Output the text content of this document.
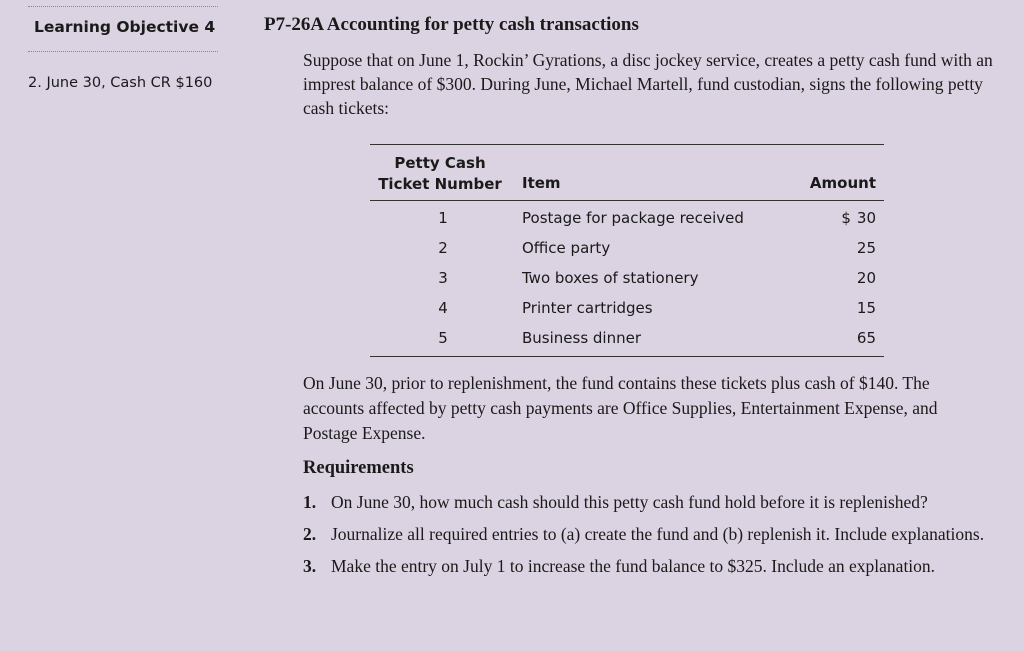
Learning Objective 4
2. June 30, Cash CR $160
P7-26A Accounting for petty cash transactions
Suppose that on June 1, Rockin’ Gyrations, a disc jockey service, creates a petty cash fund with an imprest balance of $300. During June, Michael Martell, fund custodian, signs the following petty cash tickets:
Petty Cash
Ticket Number	Item	Amount
1	Postage for package received	$ 30
2	Office party	25
3	Two boxes of stationery	20
4	Printer cartridges	15
5	Business dinner	65
On June 30, prior to replenishment, the fund contains these tickets plus cash of $140. The accounts affected by petty cash payments are Office Supplies, Entertainment Expense, and Postage Expense.
Requirements
1. On June 30, how much cash should this petty cash fund hold before it is replenished?
2. Journalize all required entries to (a) create the fund and (b) replenish it. Include explanations.
3. Make the entry on July 1 to increase the fund balance to $325. Include an explanation.
